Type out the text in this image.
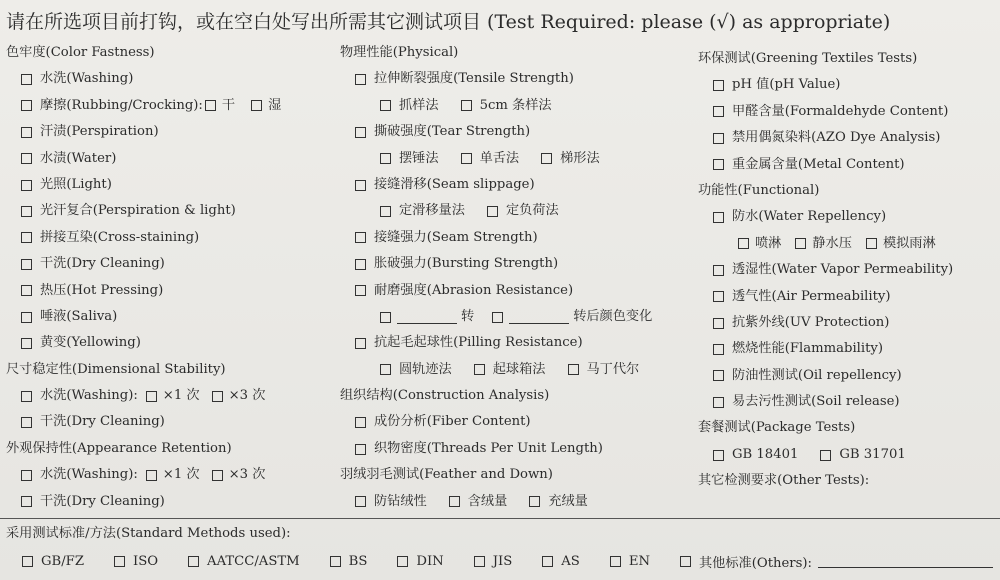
请在所选项目前打钩，或在空白处写出所需其它测试项目 (Test Required: please (√) as appropriate)
色牢度(Color Fastness)
水洗(Washing)
摩擦(Rubbing/Crocking): 干	湿
汗渍(Perspiration)
水渍(Water)
光照(Light)
光汗复合(Perspiration & light)
拼接互染(Cross-staining)
干洗(Dry Cleaning)
热压(Hot Pressing)
唾液(Saliva)
黄变(Yellowing)
尺寸稳定性(Dimensional Stability)
水洗(Washing): ×1 次 ×3 次
干洗(Dry Cleaning)
外观保持性(Appearance Retention)
水洗(Washing): ×1 次 ×3 次
干洗(Dry Cleaning)
物理性能(Physical)
拉伸断裂强度(Tensile Strength)
抓样法	5cm 条样法
撕破强度(Tear Strength)
摆锤法	单舌法	梯形法
接缝滑移(Seam slippage)
定滑移量法	定负荷法
接缝强力(Seam Strength)
胀破强力(Bursting Strength)
耐磨强度(Abrasion Resistance)
转	转后颜色变化
抗起毛起球性(Pilling Resistance)
圆轨迹法	起球箱法	马丁代尔
组织结构(Construction Analysis)
成份分析(Fiber Content)
织物密度(Threads Per Unit Length)
羽绒羽毛测试(Feather and Down)
防钻绒性	含绒量	充绒量
环保测试(Greening Textiles Tests)
pH 值(pH Value)
甲醛含量(Formaldehyde Content)
禁用偶氮染料(AZO Dye Analysis)
重金属含量(Metal Content)
功能性(Functional)
防水(Water Repellency)
喷淋 静水压 模拟雨淋
透湿性(Water Vapor Permeability)
透气性(Air Permeability)
抗紫外线(UV Protection)
燃烧性能(Flammability)
防油性测试(Oil repellency)
易去污性测试(Soil release)
套餐测试(Package Tests)
GB 18401	GB 31701
其它检测要求(Other Tests):
采用测试标准/方法(Standard Methods used):
GB/FZ	ISO	AATCC/ASTM	BS	DIN	JIS	AS	EN	其他标准(Others):
